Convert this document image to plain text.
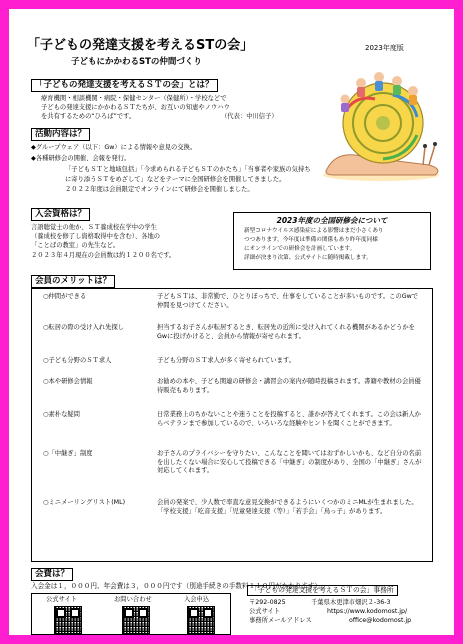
「子どもの発達支援を考えるSTの会」
子どもにかかわるSTの仲間づくり
2023年度版
「子どもの発達支援を考えるＳＴの会」とは？
療育機関・相談機関・病院・保健センター（保健所）・学校などで
子どもの発達支援にかかわるＳＴたちが、お互いの知恵やノウハウ
を共有するための“ひろば”です。	（代表：中川信子）
活動内容は？
◆グループウェア（以下：Gw）による情報や意見の交換。
◆各種研修会の開催、会報を発行。
「子どもＳＴと地域包括」「今求められる子どもＳＴのかたち」「当事者や家族の気持ち
に寄り添うＳＴをめざして」などをテーマに全国研修会を開催してきました。
２０２２年度は会員限定でオンラインにて研修会を開催しました。
入会資格は？
言語聴覚士の他か、ＳＴ養成校在学中の学生
（養成校を修了し資格取得中を含む）、各地の
「ことばの教室」の先生など。
２０２３年４月現在の会員数は約１２００名です。
2023年度の全国研修会について
新型コロナウイルス感染症による影響はまだ小さくあり
つつあります。今年度は準備の関係もあり昨年度同様
にオンラインでの研修会を計画しています。
詳細が決まり次第、公式サイトに随時掲載します。
会員のメリットは？
○仲間ができる	子どもＳＴは、非常勤で、ひとりぼっちで、仕事をしていることが多いものです。このGwで仲間を見つけてください。
○転居の際の受け入れ先探し	担当するお子さんが転居するとき、転居先の近所に受け入れてくれる機関があるかどうかをGwに投げかけると、会員から情報が寄せられます。
○子ども分野のＳＴ求人	子ども分野のＳＴ求人が多く寄せられています。
○本や研修会情報	お勧めの本や、子ども関連の研修会・講習会の案内が随時投稿されます。書籍や教材の会員優待販売もあります。
○素朴な疑問	日常業務上のちかないことや迷うことを投稿すると、誰かが答えてくれます。この会は新人からベテランまで参加しているので、いろいろな経験やヒントを聞くことができます。
○「中継ぎ」制度	お子さんのプライバシーを守りたい、こんなことを聞いてはおずかしいかも、など自分の名前を出したくない場合に安心して投稿できる「中継ぎ」の制度があり、全国の「中継ぎ」さんが対応してくれます。
○ミニメーリングリスト(ML)	会員の発案で、少人数で率直な意見交換ができるようにいくつかのミニMLが生まれました。「学校支援」「吃音支援」「児童発達支援（等）」「若手会」「鳥っ子」があります。
会費は？
入会金は１，０００円、年会費は３，０００円です（別途手続きの手数料１１０円がかかります）。
公式サイト	お問い合わせ	入会申込
「子どもの発達支援を考えるＳＴの会」事務所
〒292-0825	千葉県木更津市畑沢２-36-3
公式サイト	https://www.kodomost.jp/
事務所メールアドレス	office@kodomost.jp
